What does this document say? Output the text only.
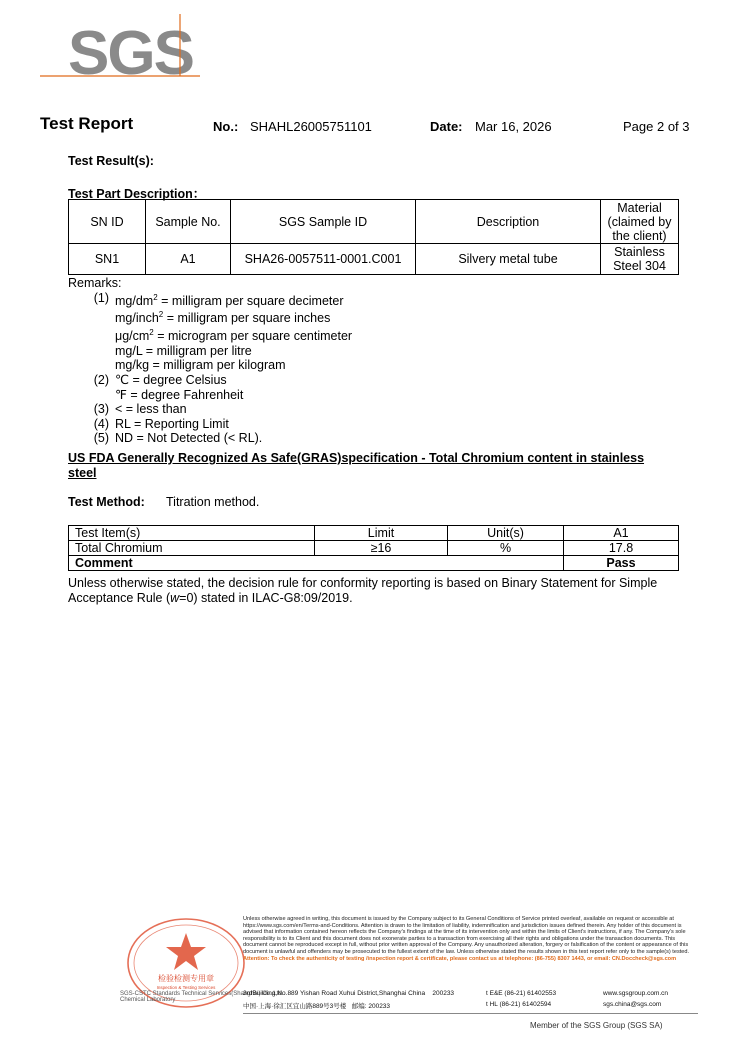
SGS
Test Report	No.: SHAHL26005751101	Date: Mar 16, 2026	Page 2 of 3
Test Result(s):
Test Part Description：
SN ID	Sample No.	SGS Sample ID	Description	Material
(claimed by
the client)

SN1	A1	SHA26-0057511-0001.C001	Silvery metal tube	Stainless
Steel 304
Remarks:
(1) $mg/dm^2$ = milligram per square decimeter
mg/inch$^2$ = milligram per square inches
$\mu g/cm^2$ = microgram per square centimeter
mg/L = milligram per litre
mg/kg = milligram per kilogram
(2) ℃ = degree Celsius
℉ = degree Fahrenheit
(3) < = less than
(4) RL = Reporting Limit
(5) ND = Not Detected (< RL).
US FDA Generally Recognized As Safe(GRAS)specification - Total Chromium content in stainless
steel
Test Method: Titration method.
Test Item(s)	Limit	Unit(s)	A1
Total Chromium	≥16	%	17.8
Comment			Pass
Unless otherwise stated, the decision rule for conformity reporting is based on Binary Statement for Simple Acceptance Rule (w=0) stated in ILAC-G8:09/2019.
检验检测专用章
Inspection & Testing Services
SGS-CSTC Standards Technical Services(Shanghai) Co.,Ltd.
Chemical Laboratory
Unless otherwise agreed in writing, this document is issued by the Company subject to its General Conditions of Service printed overleaf, available on request or accessible at https://www.sgs.com/en/Terms-and-Conditions. Attention is drawn to the limitation of liability, indemnification and jurisdiction issues defined therein. Any holder of this document is advised that information contained hereon reflects the Company's findings at the time of its intervention only and within the limits of Client's instructions, if any. The Company's sole responsibility is to its Client and this document does not exonerate parties to a transaction from exercising all their rights and obligations under the transaction documents. This document cannot be reproduced except in full, without prior written approval of the Company. Any unauthorized alteration, forgery or falsification of the content or appearance of this document is unlawful and offenders may be prosecuted to the fullest extent of the law. Unless otherwise stated the results shown in this test report refer only to the sample(s) tested. Attention: To check the authenticity of testing /inspection report & certificate, please contact us at telephone: (86-755) 8307 1443, or email: CN.Doccheck@sgs.com
3rdBuilding,No.889 Yishan Road Xuhui District,Shanghai China 200233
中国·上海·徐汇区宜山路889号3号楼 邮编: 200233
t E&E (86-21) 61402553
t HL (86-21) 61402594
www.sgsgroup.com.cn
sgs.china@sgs.com
Member of the SGS Group (SGS SA)
